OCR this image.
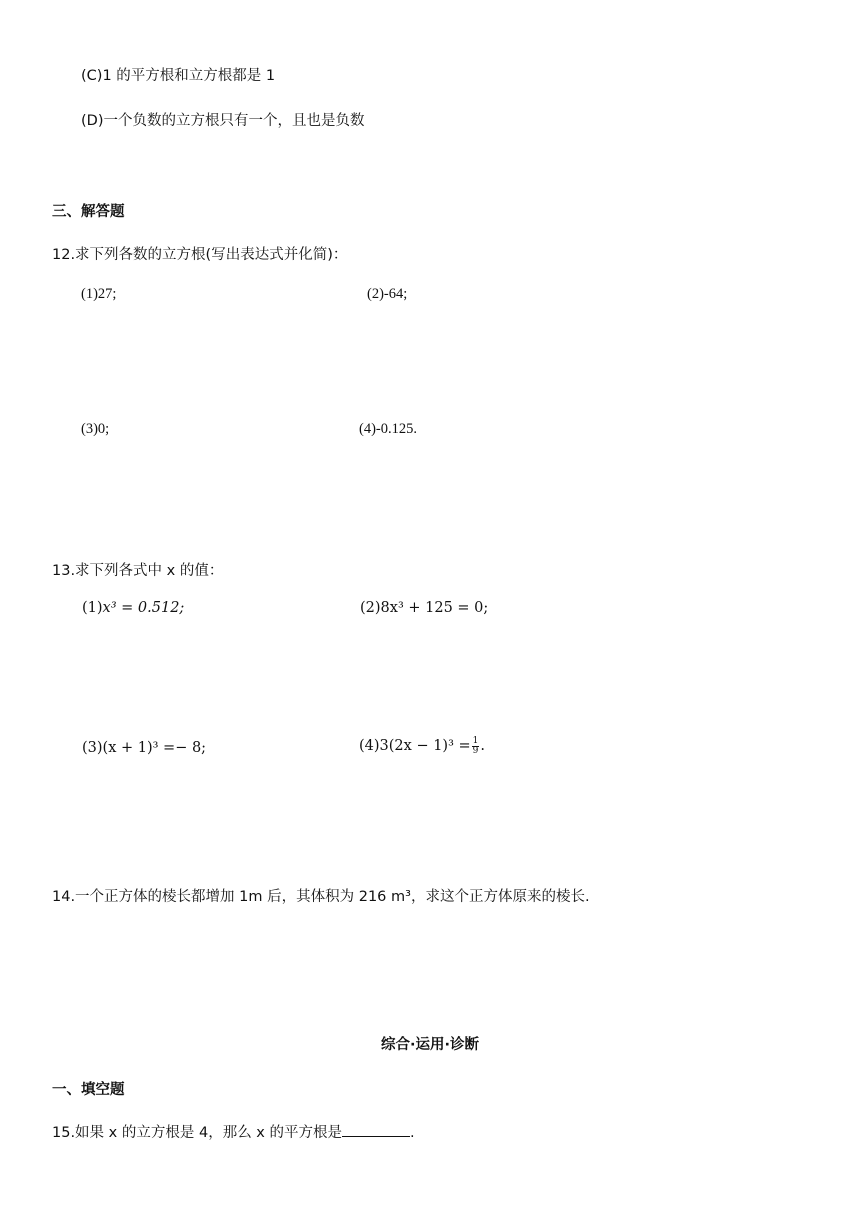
(C)1 的平方根和立方根都是 1
(D)一个负数的立方根只有一个，且也是负数
三、解答题
12.求下列各数的立方根(写出表达式并化简)：
(1)27;	(2)-64;
(3)0;	(4)-0.125.
13.求下列各式中 x 的值：
(1)x³ = 0.512;	(2)8x³ + 125 = 0;
(3)(x + 1)³ =− 8;	$(4)3(2x - 1)^3 = \frac{1}{9}$ .
14.一个正方体的棱长都增加 1m 后，其体积为 216 m³，求这个正方体原来的棱长.
综合·运用·诊断
一、填空题
15.如果 x 的立方根是 4，那么 x 的平方根是	.
